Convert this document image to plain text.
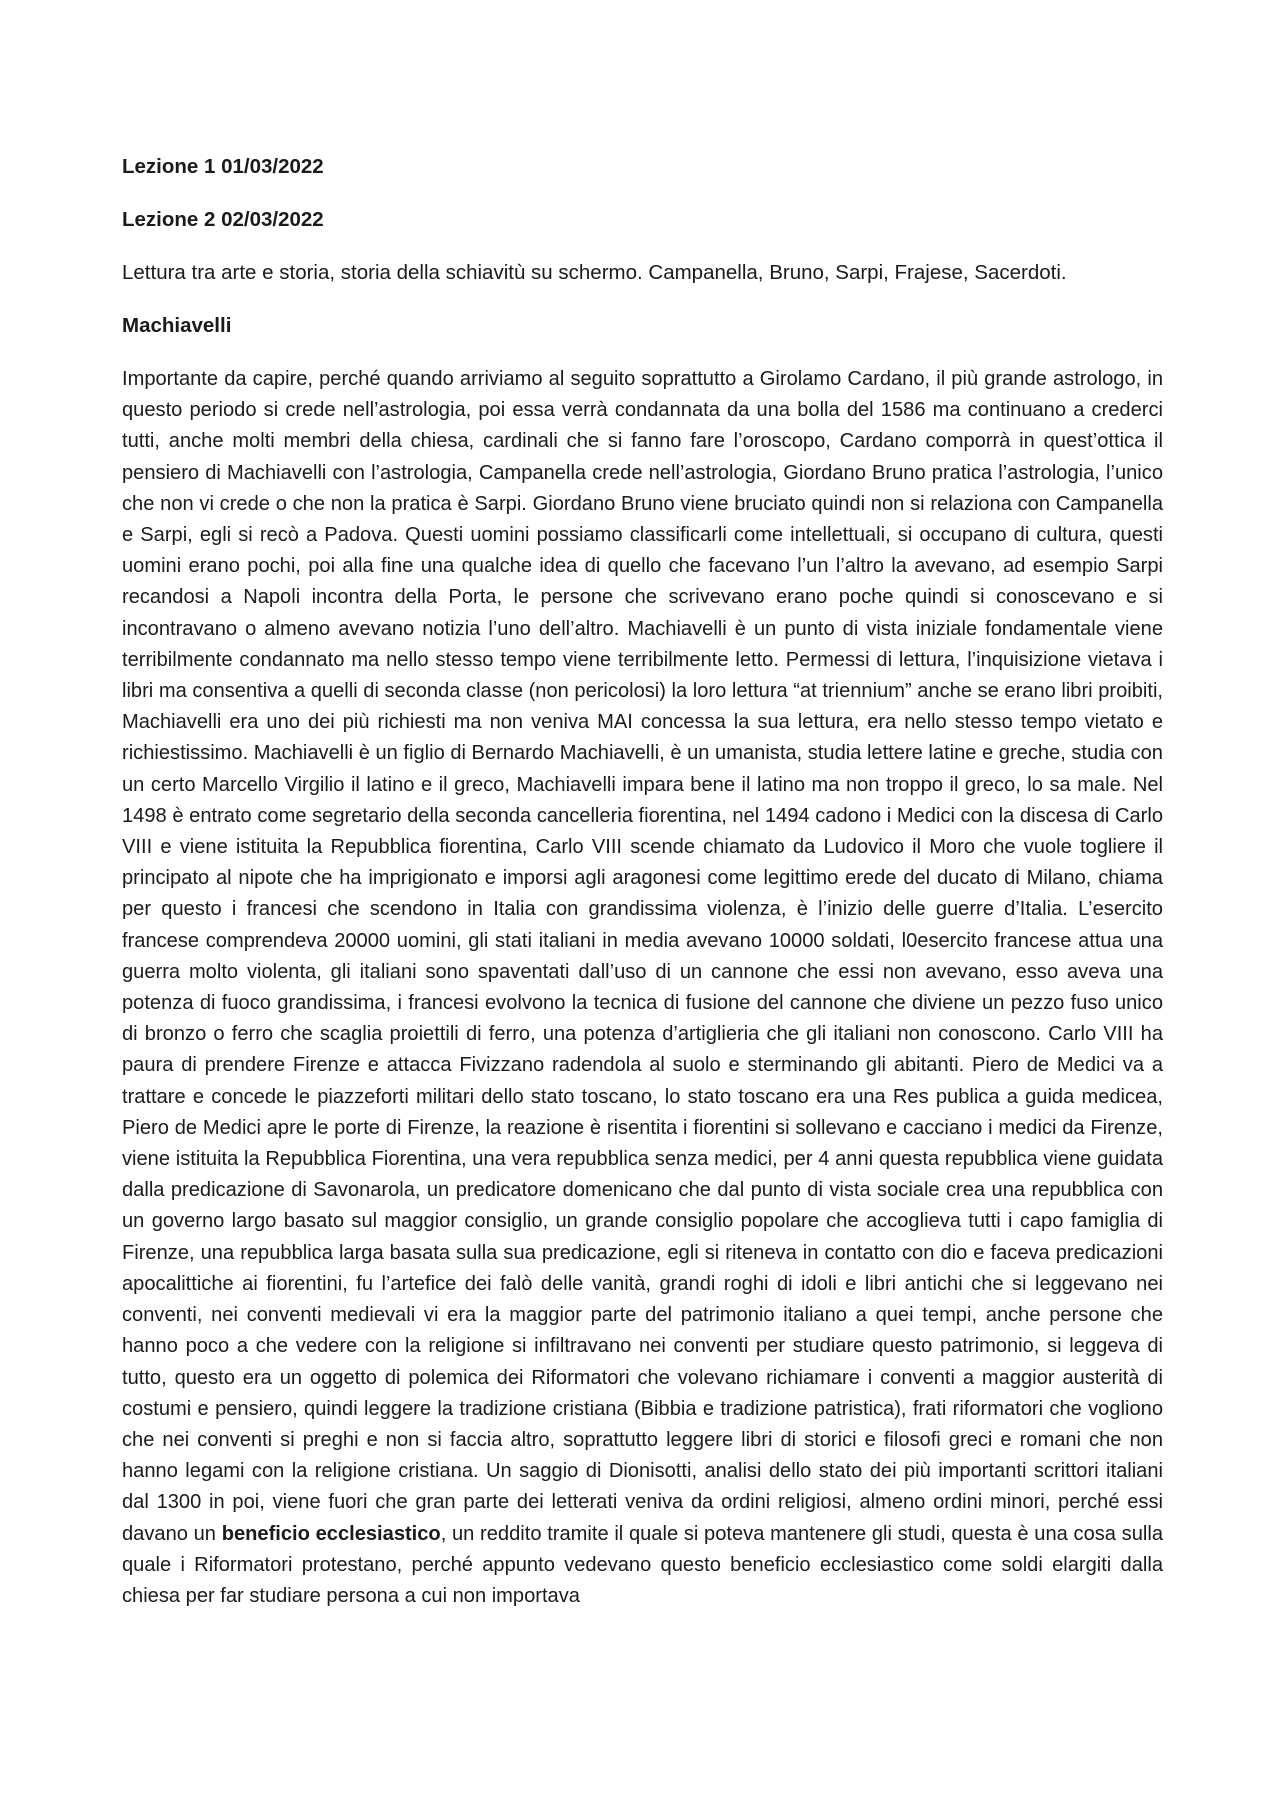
Lezione 1 01/03/2022

Lezione 2 02/03/2022

Lettura tra arte e storia, storia della schiavitù su schermo. Campanella, Bruno, Sarpi, Frajese, Sacerdoti.

Machiavelli

Importante da capire, perché quando arriviamo al seguito soprattutto a Girolamo Cardano, il più grande astrologo, in questo periodo si crede nell’astrologia, poi essa verrà condannata da una bolla del 1586 ma continuano a crederci tutti, anche molti membri della chiesa, cardinali che si fanno fare l’oroscopo, Cardano comporrà in quest’ottica il pensiero di Machiavelli con l’astrologia, Campanella crede nell’astrologia, Giordano Bruno pratica l’astrologia, l’unico che non vi crede o che non la pratica è Sarpi. Giordano Bruno viene bruciato quindi non si relaziona con Campanella e Sarpi, egli si recò a Padova. Questi uomini possiamo classificarli come intellettuali, si occupano di cultura, questi uomini erano pochi, poi alla fine una qualche idea di quello che facevano l’un l’altro la avevano, ad esempio Sarpi recandosi a Napoli incontra della Porta, le persone che scrivevano erano poche quindi si conoscevano e si incontravano o almeno avevano notizia l’uno dell’altro. Machiavelli è un punto di vista iniziale fondamentale viene terribilmente condannato ma nello stesso tempo viene terribilmente letto. Permessi di lettura, l’inquisizione vietava i libri ma consentiva a quelli di seconda classe (non pericolosi) la loro lettura “at triennium” anche se erano libri proibiti, Machiavelli era uno dei più richiesti ma non veniva MAI concessa la sua lettura, era nello stesso tempo vietato e richiestissimo. Machiavelli è un figlio di Bernardo Machiavelli, è un umanista, studia lettere latine e greche, studia con un certo Marcello Virgilio il latino e il greco, Machiavelli impara bene il latino ma non troppo il greco, lo sa male. Nel 1498 è entrato come segretario della seconda cancelleria fiorentina, nel 1494 cadono i Medici con la discesa di Carlo VIII e viene istituita la Repubblica fiorentina, Carlo VIII scende chiamato da Ludovico il Moro che vuole togliere il principato al nipote che ha imprigionato e imporsi agli aragonesi come legittimo erede del ducato di Milano, chiama per questo i francesi che scendono in Italia con grandissima violenza, è l’inizio delle guerre d’Italia. L’esercito francese comprendeva 20000 uomini, gli stati italiani in media avevano 10000 soldati, l0esercito francese attua una guerra molto violenta, gli italiani sono spaventati dall’uso di un cannone che essi non avevano, esso aveva una potenza di fuoco grandissima, i francesi evolvono la tecnica di fusione del cannone che diviene un pezzo fuso unico di bronzo o ferro che scaglia proiettili di ferro, una potenza d’artiglieria che gli italiani non conoscono. Carlo VIII ha paura di prendere Firenze e attacca Fivizzano radendola al suolo e sterminando gli abitanti. Piero de Medici va a trattare e concede le piazzeforti militari dello stato toscano, lo stato toscano era una Res publica a guida medicea, Piero de Medici apre le porte di Firenze, la reazione è risentita i fiorentini si sollevano e cacciano i medici da Firenze, viene istituita la Repubblica Fiorentina, una vera repubblica senza medici, per 4 anni questa repubblica viene guidata dalla predicazione di Savonarola, un predicatore domenicano che dal punto di vista sociale crea una repubblica con un governo largo basato sul maggior consiglio, un grande consiglio popolare che accoglieva tutti i capo famiglia di Firenze, una repubblica larga basata sulla sua predicazione, egli si riteneva in contatto con dio e faceva predicazioni apocalittiche ai fiorentini, fu l’artefice dei falò delle vanità, grandi roghi di idoli e libri antichi che si leggevano nei conventi, nei conventi medievali vi era la maggior parte del patrimonio italiano a quei tempi, anche persone che hanno poco a che vedere con la religione si infiltravano nei conventi per studiare questo patrimonio, si leggeva di tutto, questo era un oggetto di polemica dei Riformatori che volevano richiamare i conventi a maggior austerità di costumi e pensiero, quindi leggere la tradizione cristiana (Bibbia e tradizione patristica), frati riformatori che vogliono che nei conventi si preghi e non si faccia altro, soprattutto leggere libri di storici e filosofi greci e romani che non hanno legami con la religione cristiana. Un saggio di Dionisotti, analisi dello stato dei più importanti scrittori italiani dal 1300 in poi, viene fuori che gran parte dei letterati veniva da ordini religiosi, almeno ordini minori, perché essi davano un beneficio ecclesiastico, un reddito tramite il quale si poteva mantenere gli studi, questa è una cosa sulla quale i Riformatori protestano, perché appunto vedevano questo beneficio ecclesiastico come soldi elargiti dalla chiesa per far studiare persona a cui non importava
